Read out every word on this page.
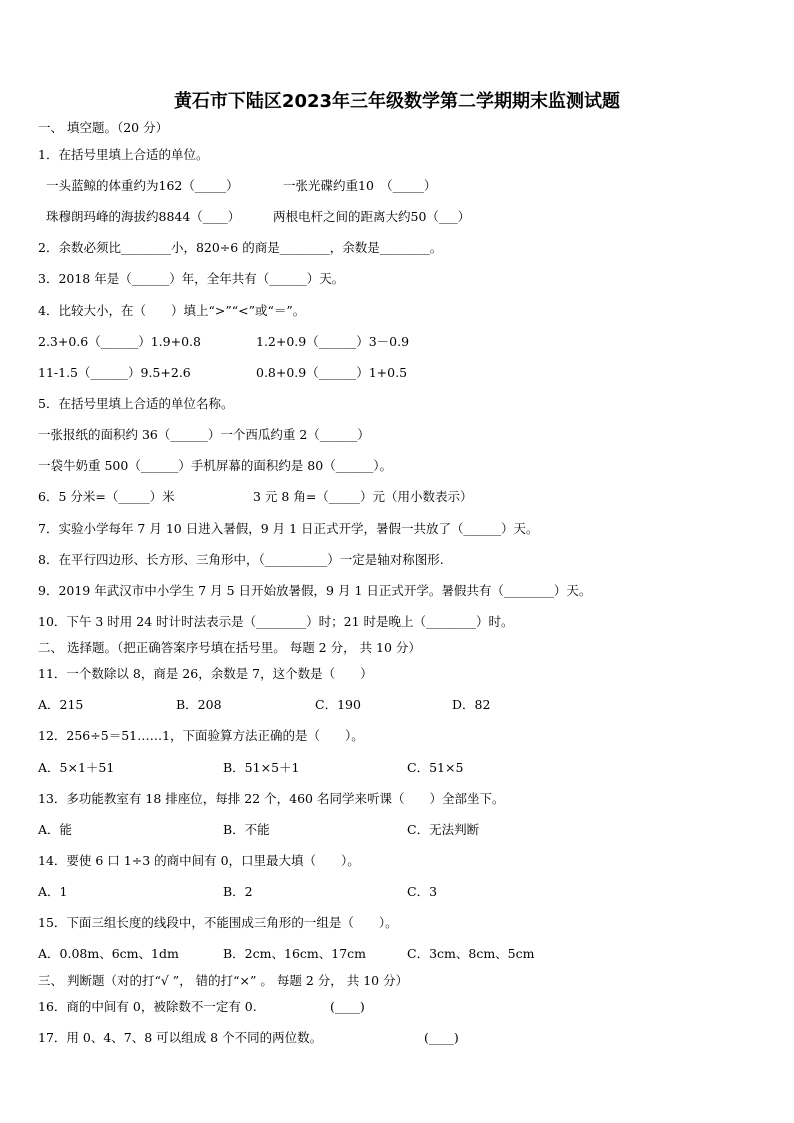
黄石市下陆区2023年三年级数学第二学期期末监测试题
一、 填空题。（20 分）
1．在括号里填上合适的单位。
一头蓝鲸的体重约为162（_____）	一张光碟约重10　（_____）
珠穆朗玛峰的海拔约8844（____）	两根电杆之间的距离大约50（___）
2．余数必须比________小，820÷6 的商是________，余数是________。
3．2018 年是（______）年，全年共有（______）天。
4．比较大小，在（　　）填上“>”“<”或“＝”。
2.3+0.6（______）1.9+0.8	1.2+0.9（______）3－0.9
11-1.5（______）9.5+2.6	0.8+0.9（______）1+0.5
5．在括号里填上合适的单位名称。
一张报纸的面积约 36（______）一个西瓜约重 2（______）
一袋牛奶重 500（______）手机屏幕的面积约是 80（______）。
6．5 分米=（_____）米	3 元 8 角=（_____）元（用小数表示）
7．实验小学每年 7 月 10 日进入暑假，9 月 1 日正式开学，暑假一共放了（______）天。
8．在平行四边形、长方形、三角形中，（__________）一定是轴对称图形.
9．2019 年武汉市中小学生 7 月 5 日开始放暑假，9 月 1 日正式开学。暑假共有（________）天。
10．下午 3 时用 24 时计时法表示是（________）时；21 时是晚上（________）时。
二、 选择题。（把正确答案序号填在括号里。 每题 2 分， 共 10 分）
11．一个数除以 8，商是 26，余数是 7，这个数是（　　）
A．215	B．208	C．190	D．82
12．256÷5＝51……1，下面验算方法正确的是（　　）。
A．5×1＋51	B．51×5＋1	C．51×5
13．多功能教室有 18 排座位，每排 22 个，460 名同学来听课（　　）全部坐下。
A．能	B．不能	C．无法判断
14．要使 6 口 1÷3 的商中间有 0，口里最大填（　　）。
A．1	B．2	C．3
15．下面三组长度的线段中，不能围成三角形的一组是（　　）。
A．0.08m、6cm、1dm	B．2cm、16cm、17cm	C．3cm、8cm、5cm
三、 判断题（对的打“√ ”， 错的打“×” 。 每题 2 分， 共 10 分）
16．商的中间有 0，被除数不一定有 0.	(____)
17．用 0、4、7、8 可以组成 8 个不同的两位数。	(____)
